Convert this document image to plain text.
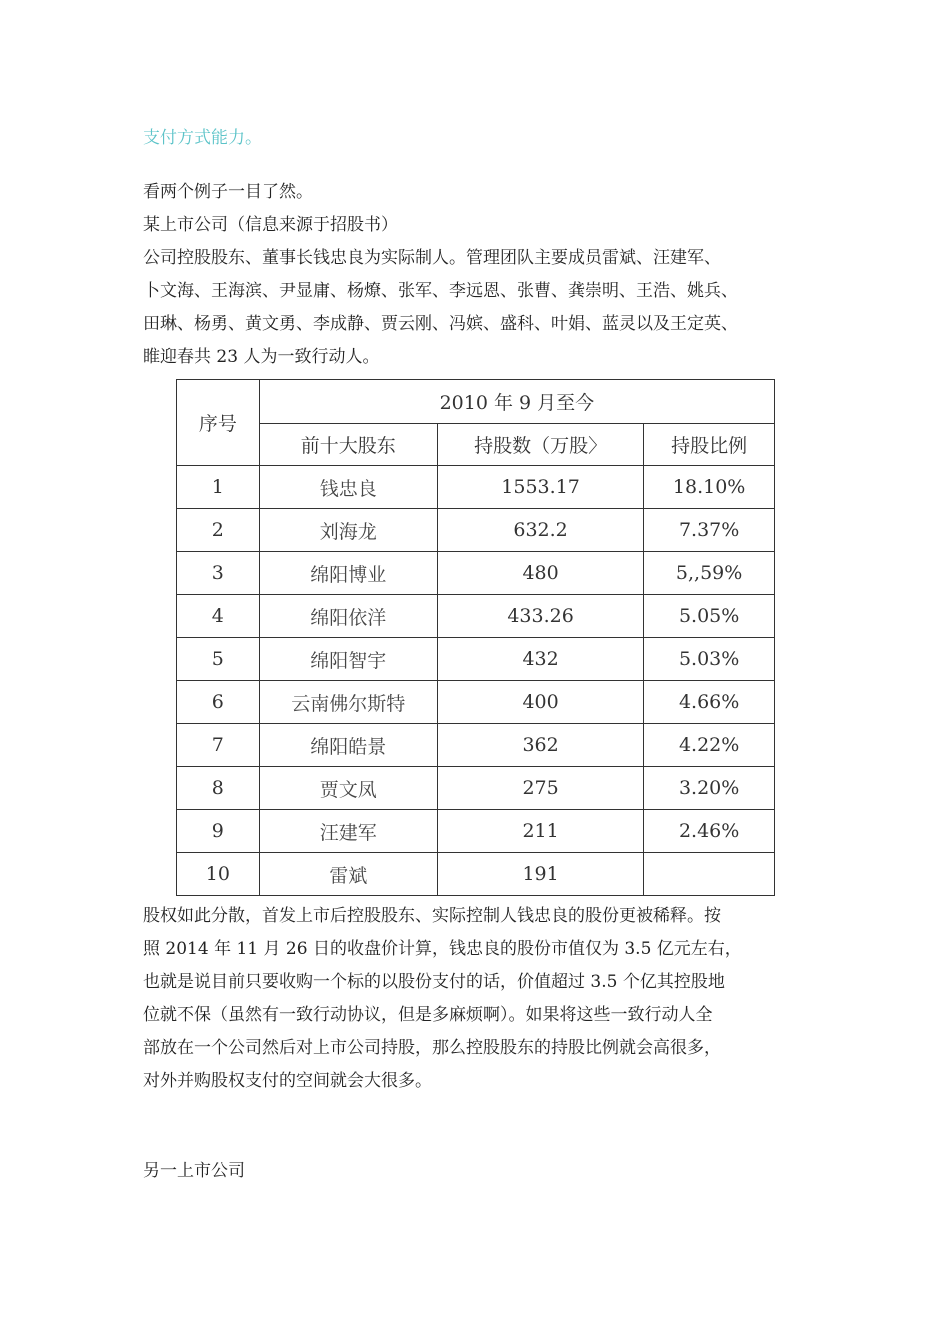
支付方式能力。

看两个例子一目了然。

某上市公司（信息来源于招股书）

公司控股股东、董事长钱忠良为实际制人。管理团队主要成员雷斌、汪建军、

卜文海、王海滨、尹显庸、杨燎、张军、李远恩、张曹、龚崇明、王浩、姚兵、

田琳、杨勇、黄文勇、李成静、贾云刚、冯嫔、盛科、叶娟、蓝灵以及王定英、

睢迎春共 23 人为一致行动人。

股权如此分散，首发上市后控股股东、实际控制人钱忠良的股份更被稀释。按

照 2014 年 11 月 26 日的收盘价计算，钱忠良的股份市值仅为 3.5 亿元左右，

也就是说目前只要收购一个标的以股份支付的话，价值超过 3.5 个亿其控股地

位就不保（虽然有一致行动协议，但是多麻烦啊）。如果将这些一致行动人全

部放在一个公司然后对上市公司持股，那么控股股东的持股比例就会高很多，

对外并购股权支付的空间就会大很多。

另一上市公司

序号	2010 年 9 月至今		
	前十大股东	持股数（万股〉	持股比例
1	钱忠良	1553.17	18.10%
2	刘海龙	632.2	7.37%
3	绵阳博业	480	5,,59%
4	绵阳依洋	433.26	5.05%
5	绵阳智宇	432	5.03%
6	云南佛尔斯特	400	4.66%
7	绵阳皓景	362	4.22%
8	贾文凤	275	3.20%
9	汪建军	211	2.46%
10	雷斌	191	
